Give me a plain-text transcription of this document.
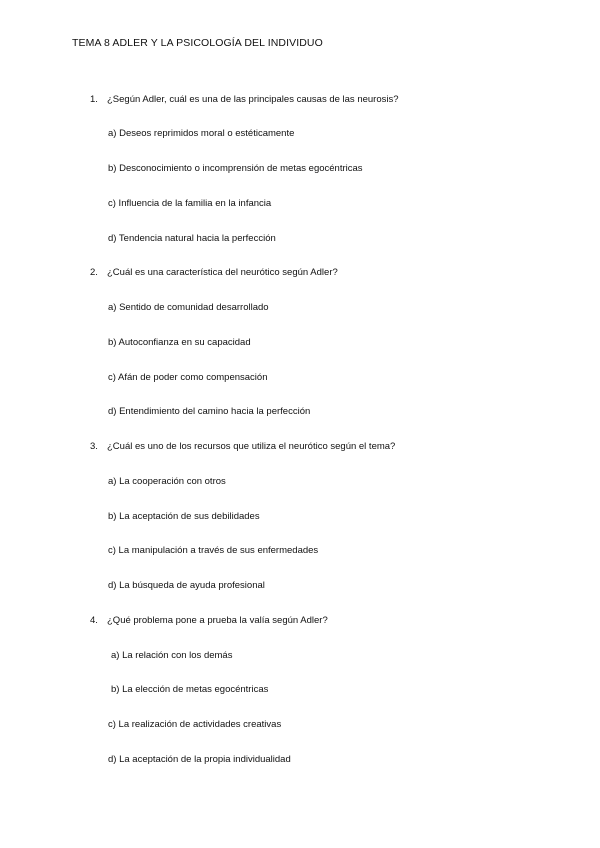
TEMA 8 ADLER Y LA PSICOLOGÍA DEL INDIVIDUO
1. ¿Según Adler, cuál es una de las principales causas de las neurosis?
a) Deseos reprimidos moral o estéticamente
b) Desconocimiento o incomprensión de metas egocéntricas
c) Influencia de la familia en la infancia
d) Tendencia natural hacia la perfección
2. ¿Cuál es una característica del neurótico según Adler?
a) Sentido de comunidad desarrollado
b) Autoconfianza en su capacidad
c) Afán de poder como compensación
d) Entendimiento del camino hacia la perfección
3. ¿Cuál es uno de los recursos que utiliza el neurótico según el tema?
a) La cooperación con otros
b) La aceptación de sus debilidades
c) La manipulación a través de sus enfermedades
d) La búsqueda de ayuda profesional
4. ¿Qué problema pone a prueba la valía según Adler?
a) La relación con los demás
b) La elección de metas egocéntricas
c) La realización de actividades creativas
d) La aceptación de la propia individualidad
